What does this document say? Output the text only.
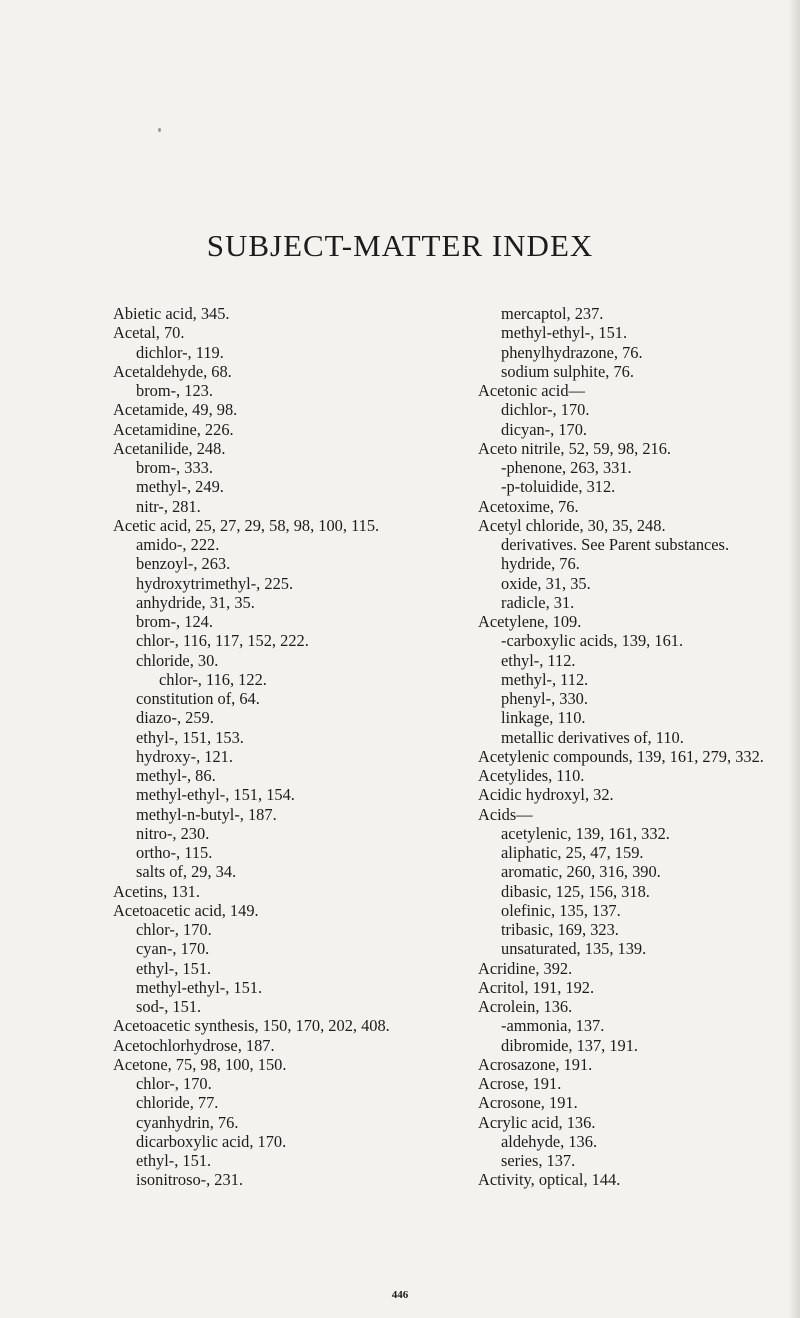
SUBJECT-MATTER INDEX
Abietic acid, 345.
Acetal, 70.
dichlor-, 119.
Acetaldehyde, 68.
brom-, 123.
Acetamide, 49, 98.
Acetamidine, 226.
Acetanilide, 248.
brom-, 333.
methyl-, 249.
nitr-, 281.
Acetic acid, 25, 27, 29, 58, 98, 100, 115.
amido-, 222.
benzoyl-, 263.
hydroxytrimethyl-, 225.
anhydride, 31, 35.
brom-, 124.
chlor-, 116, 117, 152, 222.
chloride, 30.
chlor-, 116, 122.
constitution of, 64.
diazo-, 259.
ethyl-, 151, 153.
hydroxy-, 121.
methyl-, 86.
methyl-ethyl-, 151, 154.
methyl-n-butyl-, 187.
nitro-, 230.
ortho-, 115.
salts of, 29, 34.
Acetins, 131.
Acetoacetic acid, 149.
chlor-, 170.
cyan-, 170.
ethyl-, 151.
methyl-ethyl-, 151.
sod-, 151.
Acetoacetic synthesis, 150, 170, 202, 408.
Acetochlorhydrose, 187.
Acetone, 75, 98, 100, 150.
chlor-, 170.
chloride, 77.
cyanhydrin, 76.
dicarboxylic acid, 170.
ethyl-, 151.
isonitroso-, 231.
mercaptol, 237.
methyl-ethyl-, 151.
phenylhydrazone, 76.
sodium sulphite, 76.
Acetonic acid—
dichlor-, 170.
dicyan-, 170.
Aceto nitrile, 52, 59, 98, 216.
-phenone, 263, 331.
-p-toluidide, 312.
Acetoxime, 76.
Acetyl chloride, 30, 35, 248.
derivatives. See Parent substances.
hydride, 76.
oxide, 31, 35.
radicle, 31.
Acetylene, 109.
-carboxylic acids, 139, 161.
ethyl-, 112.
methyl-, 112.
phenyl-, 330.
linkage, 110.
metallic derivatives of, 110.
Acetylenic compounds, 139, 161, 279, 332.
Acetylides, 110.
Acidic hydroxyl, 32.
Acids—
acetylenic, 139, 161, 332.
aliphatic, 25, 47, 159.
aromatic, 260, 316, 390.
dibasic, 125, 156, 318.
olefinic, 135, 137.
tribasic, 169, 323.
unsaturated, 135, 139.
Acridine, 392.
Acritol, 191, 192.
Acrolein, 136.
-ammonia, 137.
dibromide, 137, 191.
Acrosazone, 191.
Acrose, 191.
Acrosone, 191.
Acrylic acid, 136.
aldehyde, 136.
series, 137.
Activity, optical, 144.
446
